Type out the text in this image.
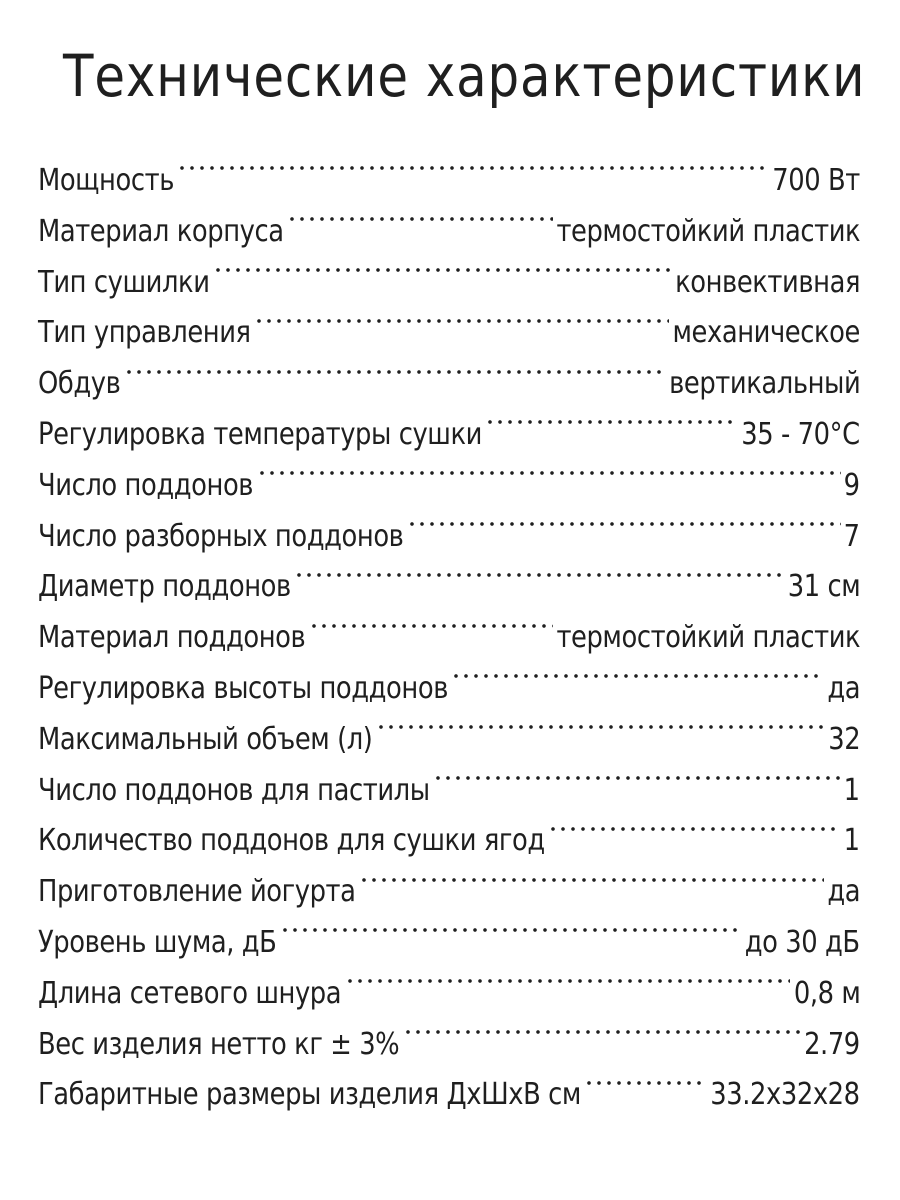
Технические характеристики
Мощность	700 Вт
Материал корпуса	термостойкий пластик
Тип сушилки	конвективная
Тип управления	механическое
Обдув	вертикальный
Регулировка температуры сушки	35 - 70°С
Число поддонов	9
Число разборных поддонов	7
Диаметр поддонов	31 см
Материал поддонов	термостойкий пластик
Регулировка высоты поддонов	да
Максимальный объем (л)	32
Число поддонов для пастилы	1
Количество поддонов для сушки ягод	1
Приготовление йогурта	да
Уровень шума, дБ	до 30 дБ
Длина сетевого шнура	0,8 м
Вес изделия нетто кг ± 3%	2.79
Габаритные размеры изделия ДхШхВ см	33.2х32х28
